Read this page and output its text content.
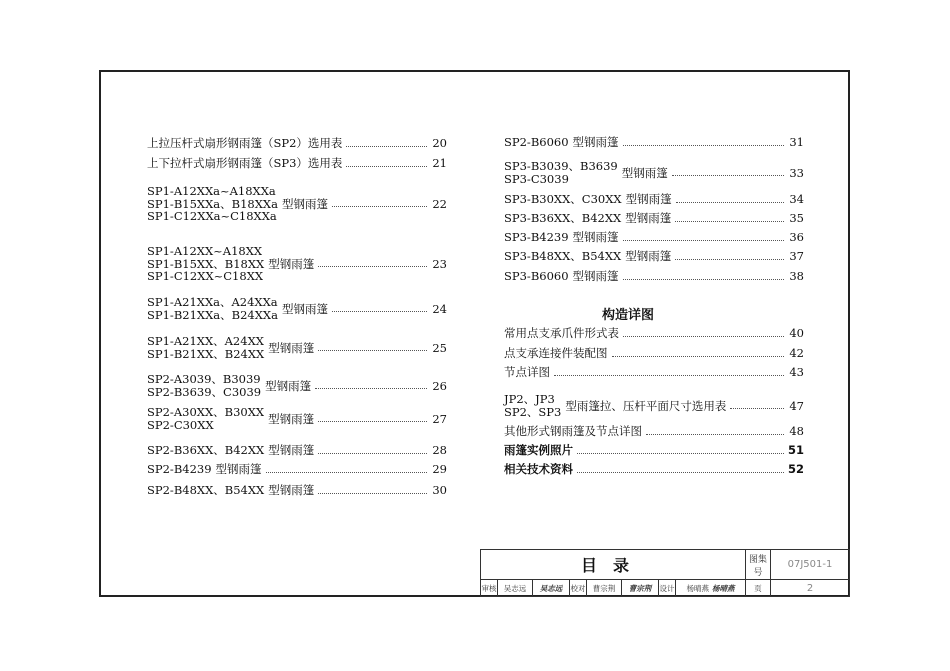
上拉压杆式扇形钢雨篷（SP2）选用表	20
上下拉杆式扇形钢雨篷（SP3）选用表	21
SP1-A12XXa~A18XXa
SP1-B15XXa、B18XXa
SP1-C12XXa~C18XXa
型钢雨篷	22
SP1-A12XX~A18XX
SP1-B15XX、B18XX
SP1-C12XX~C18XX
型钢雨篷	23
SP1-A21XXa、A24XXa
SP1-B21XXa、B24XXa 型钢雨篷	24
SP1-A21XX、A24XX
SP1-B21XX、B24XX 型钢雨篷	25
SP2-A3039、B3039
SP2-B3639、C3039 型钢雨篷	26
SP2-A30XX、B30XX
SP2-C30XX	型钢雨篷	27
SP2-B36XX、B42XX 型钢雨篷	28
SP2-B4239 型钢雨篷	29
SP2-B48XX、B54XX 型钢雨篷	30
SP2-B6060 型钢雨篷	31
SP3-B3039、B3639
SP3-C3039	型钢雨篷	33
SP3-B30XX、C30XX 型钢雨篷	34
SP3-B36XX、B42XX 型钢雨篷	35
SP3-B4239 型钢雨篷	36
SP3-B48XX、B54XX 型钢雨篷	37
SP3-B6060 型钢雨篷	38
构造详图
常用点支承爪件形式表	40
点支承连接件装配图	42
节点详图	43
JP2、JP3
SP2、SP3 型雨篷拉、压杆平面尺寸选用表	47
其他形式钢雨篷及节点详图	48
雨篷实例照片	51
相关技术资料	52
目录								图集号	07J501-1
审核	吴志远	吴志远	校对	曹宗荆	曹宗荆	设计	杨晴燕 杨晴燕	页	2
